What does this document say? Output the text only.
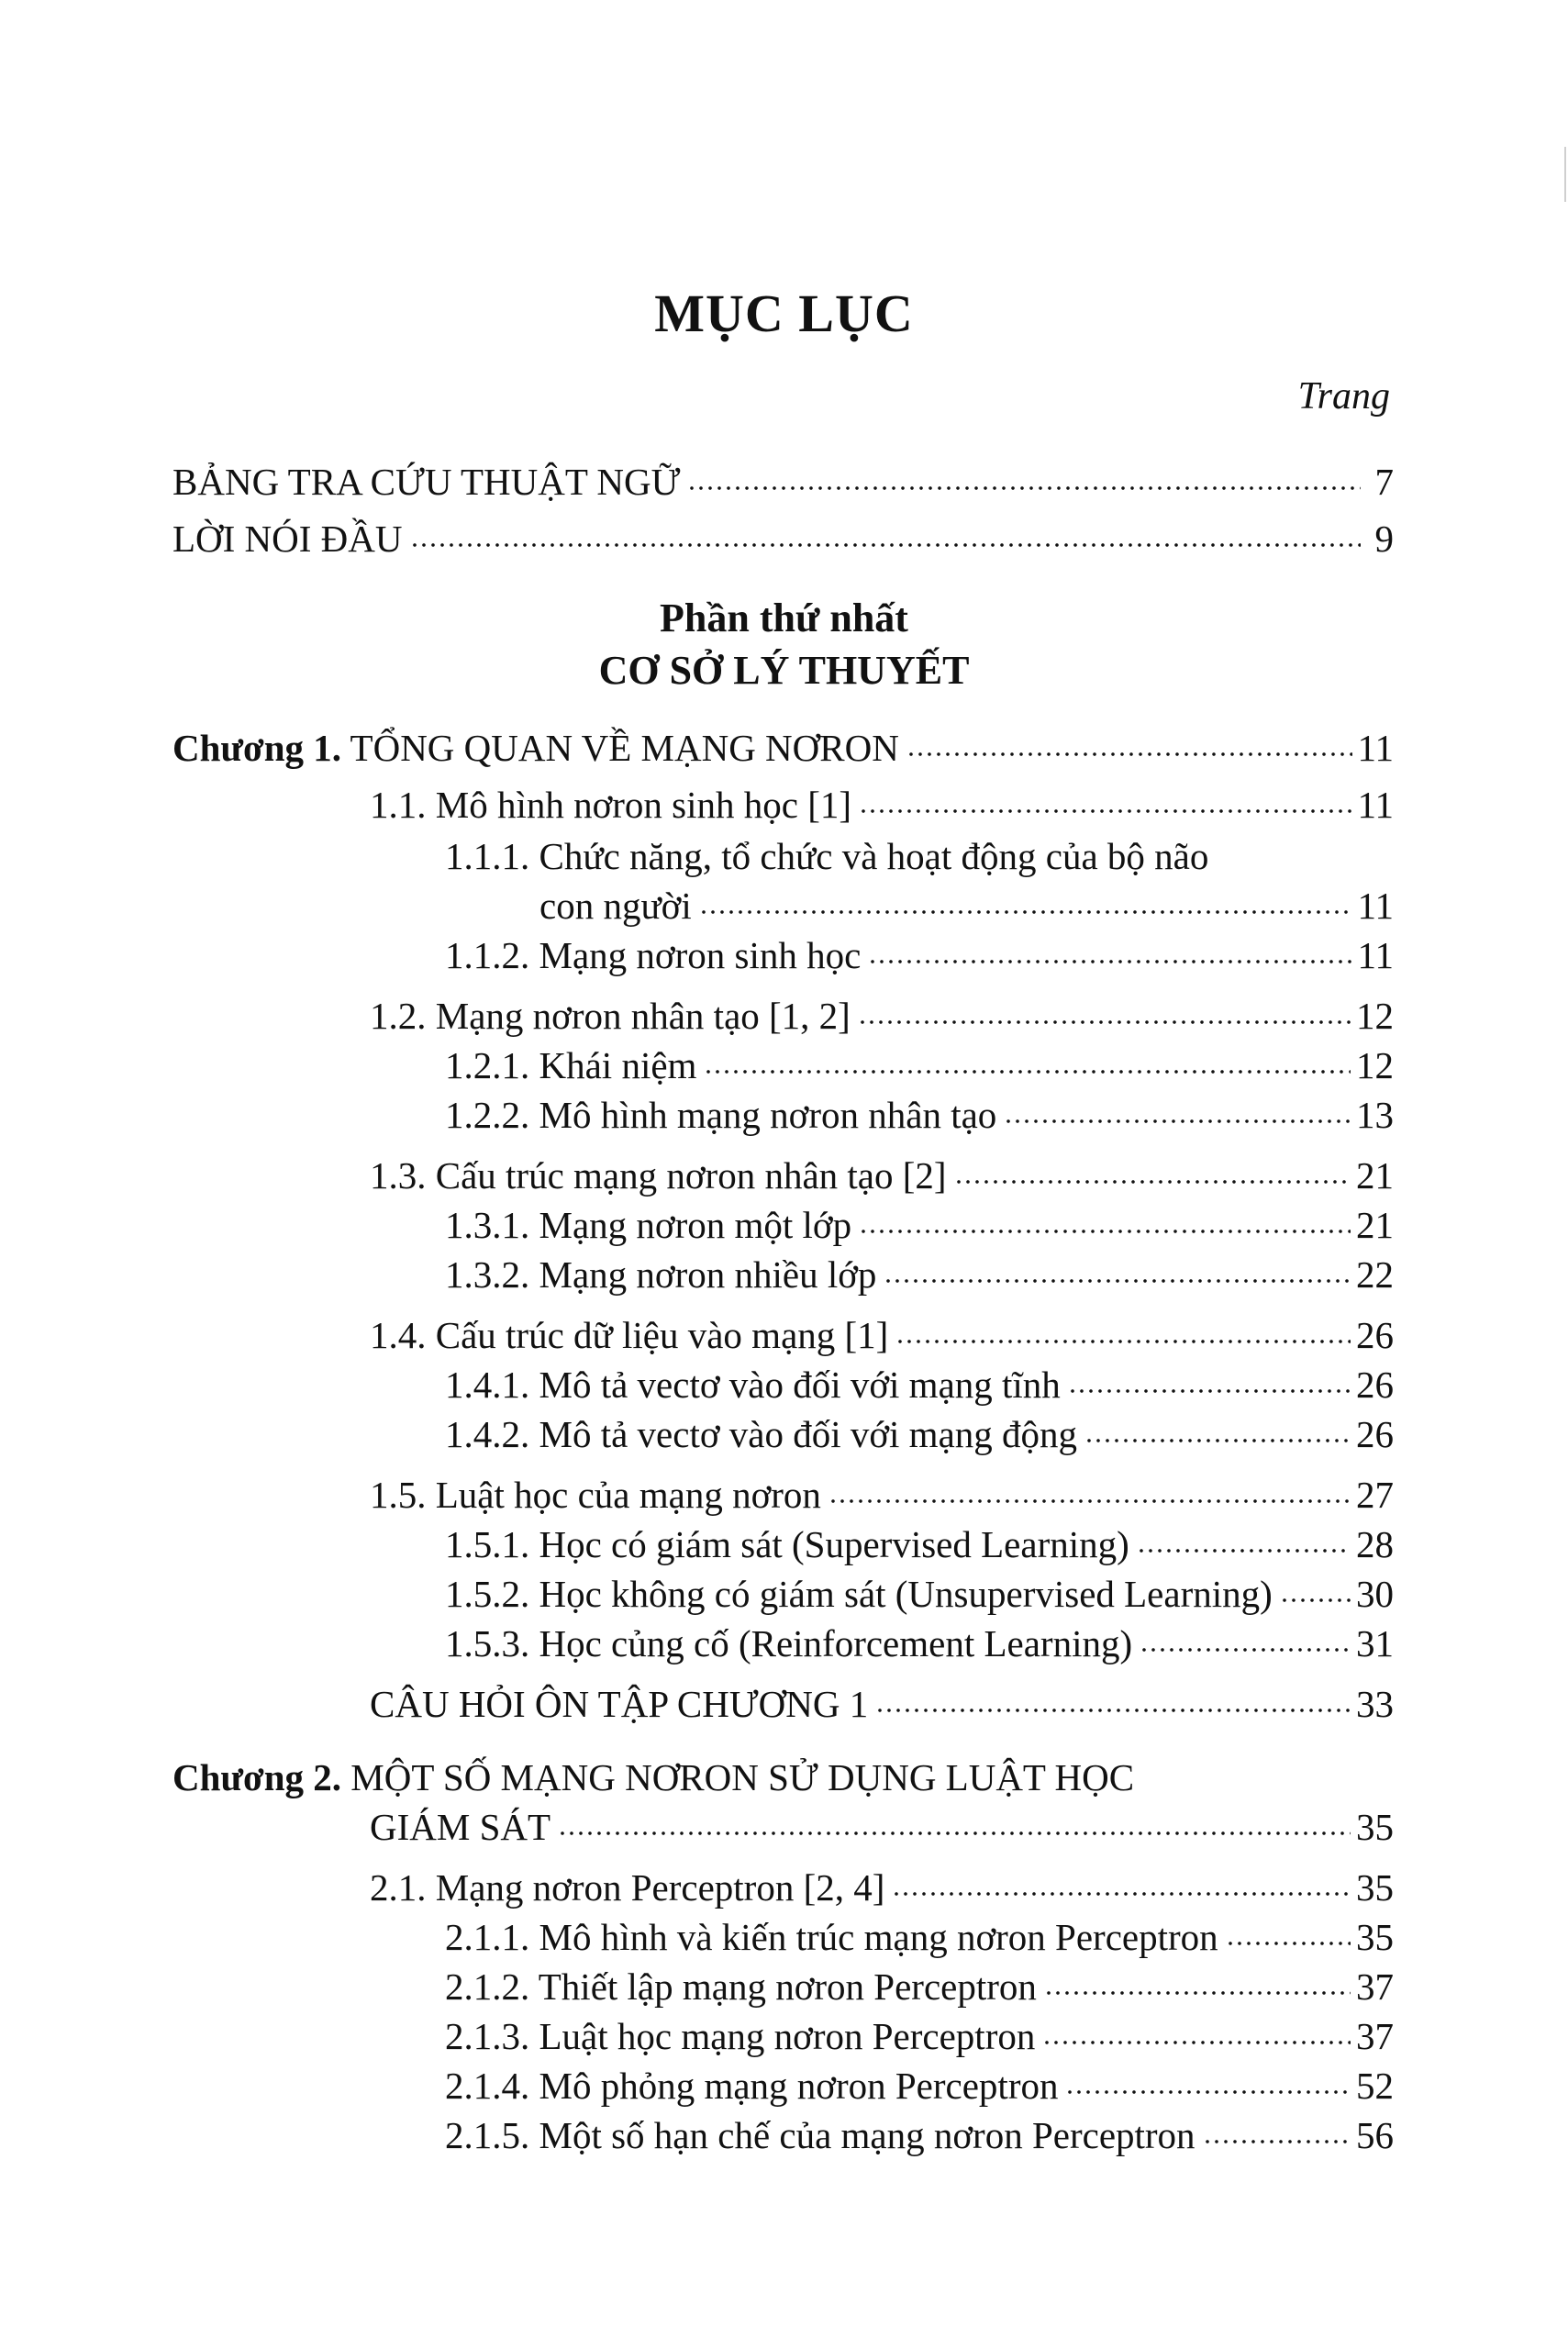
MỤC LỤC
Trang
BẢNG TRA CỨU THUẬT NGỮ	7
LỜI NÓI ĐẦU	9
Phần thứ nhất
CƠ SỞ LÝ THUYẾT
Chương 1. TỔNG QUAN VỀ MẠNG NƠRON	11
1.1. Mô hình nơron sinh học [1]	11
1.1.1. Chức năng, tổ chức và hoạt động của bộ não
con người	11
1.1.2. Mạng nơron sinh học	11
1.2. Mạng nơron nhân tạo [1, 2]	12
1.2.1. Khái niệm	12
1.2.2. Mô hình mạng nơron nhân tạo	13
1.3. Cấu trúc mạng nơron nhân tạo [2]	21
1.3.1. Mạng nơron một lớp	21
1.3.2. Mạng nơron nhiều lớp	22
1.4. Cấu trúc dữ liệu vào mạng [1]	26
1.4.1. Mô tả vectơ vào đối với mạng tĩnh	26
1.4.2. Mô tả vectơ vào đối với mạng động	26
1.5. Luật học của mạng nơron	27
1.5.1. Học có giám sát (Supervised Learning)	28
1.5.2. Học không có giám sát (Unsupervised Learning) 30
1.5.3. Học củng cố (Reinforcement Learning)	31
CÂU HỎI ÔN TẬP CHƯƠNG 1	33
Chương 2. MỘT SỐ MẠNG NƠRON SỬ DỤNG LUẬT HỌC
GIÁM SÁT	35
2.1. Mạng nơron Perceptron [2, 4]	35
2.1.1. Mô hình và kiến trúc mạng nơron Perceptron	35
2.1.2. Thiết lập mạng nơron Perceptron	37
2.1.3. Luật học mạng nơron Perceptron	37
2.1.4. Mô phỏng mạng nơron Perceptron	52
2.1.5. Một số hạn chế của mạng nơron Perceptron	56
